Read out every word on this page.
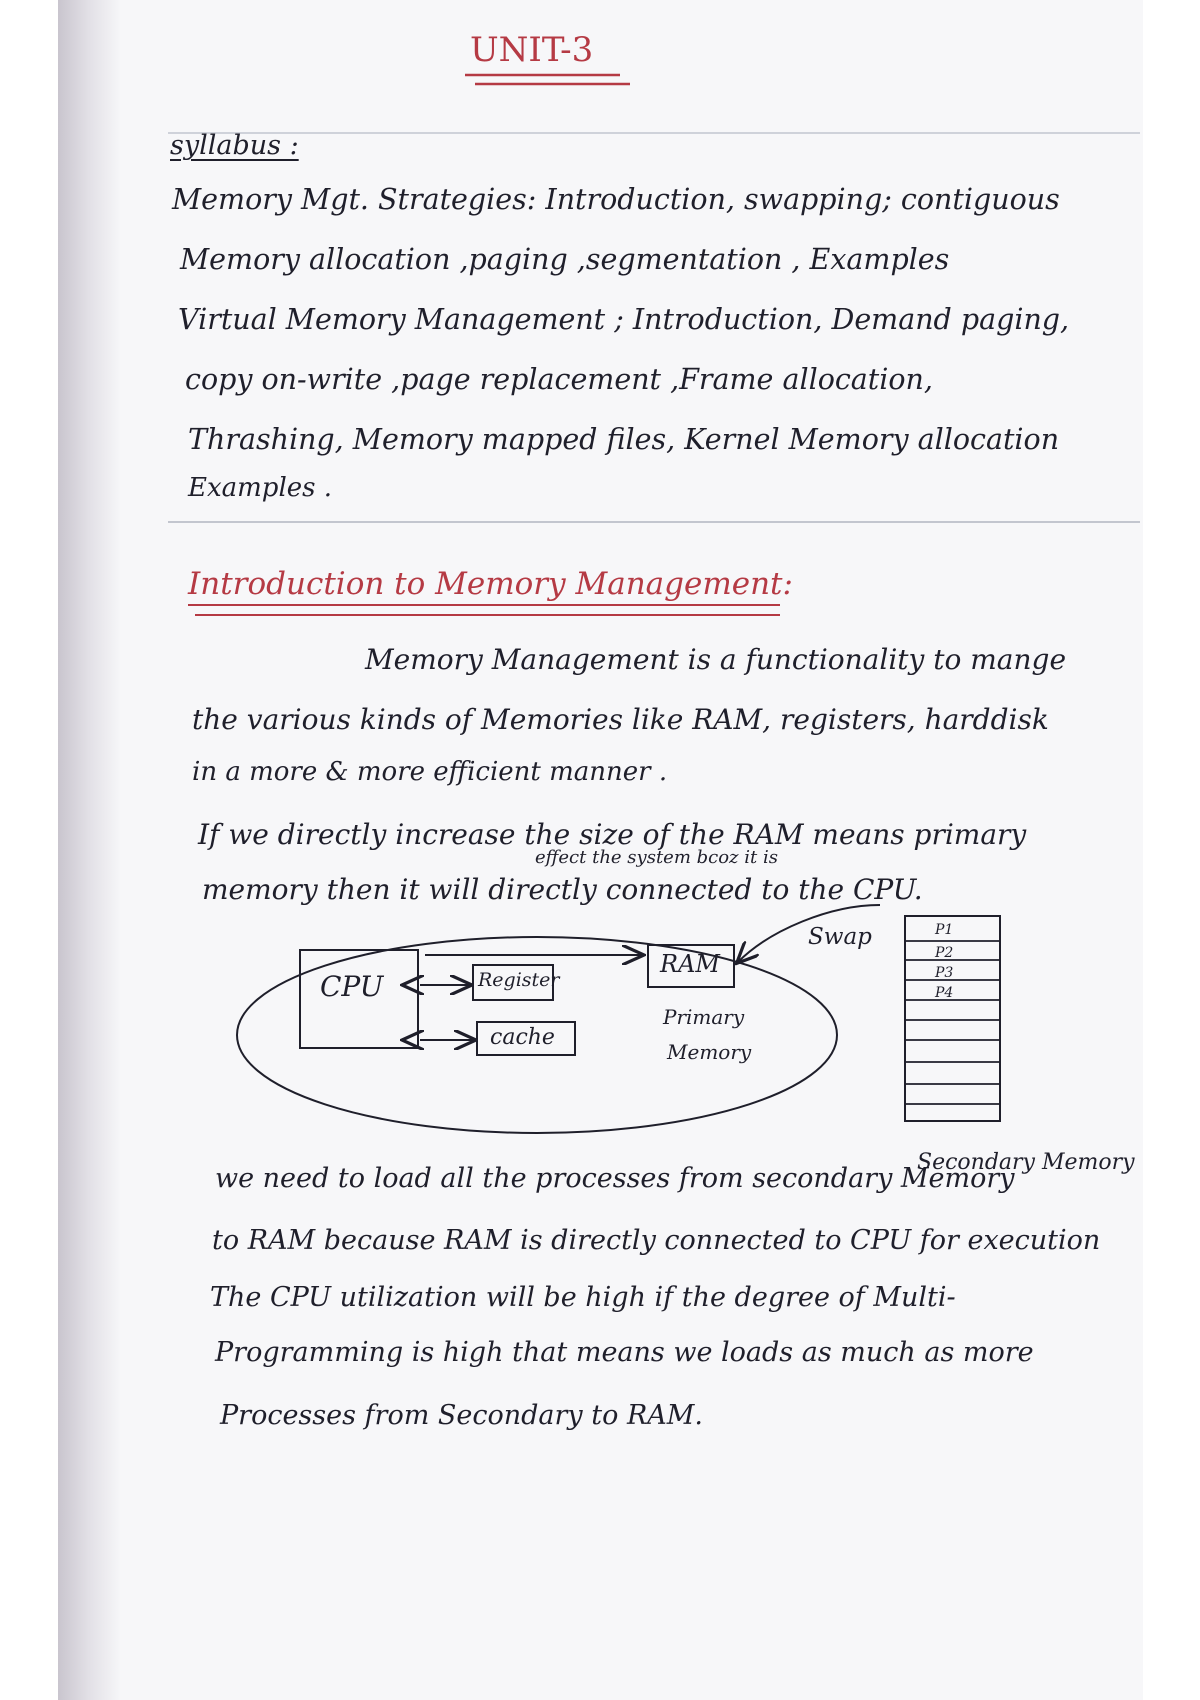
UNIT-3
syllabus :
Memory Mgt. Strategies: Introduction, swapping; contiguous
Memory allocation ,paging ,segmentation , Examples
Virtual Memory Management ; Introduction, Demand paging,
copy on-write ,page replacement ,Frame allocation,
Thrashing, Memory mapped files, Kernel Memory allocation
Examples .
Introduction to Memory Management:
Memory Management is a functionality to mange
the various kinds of Memories like RAM, registers, harddisk
in a more & more efficient manner .
If we directly increase the size of the RAM means primary
effect the system bcoz it is
memory then it will directly connected to the CPU.
CPU	Register
cache
RAM
Primary
Memory
Swap	P1
P2
P3
P4
Secondary Memory
we need to load all the processes from secondary Memory
to RAM because RAM is directly connected to CPU for execution
The CPU utilization will be high if the degree of Multi-
Programming is high that means we loads as much as more
Processes from Secondary to RAM.
